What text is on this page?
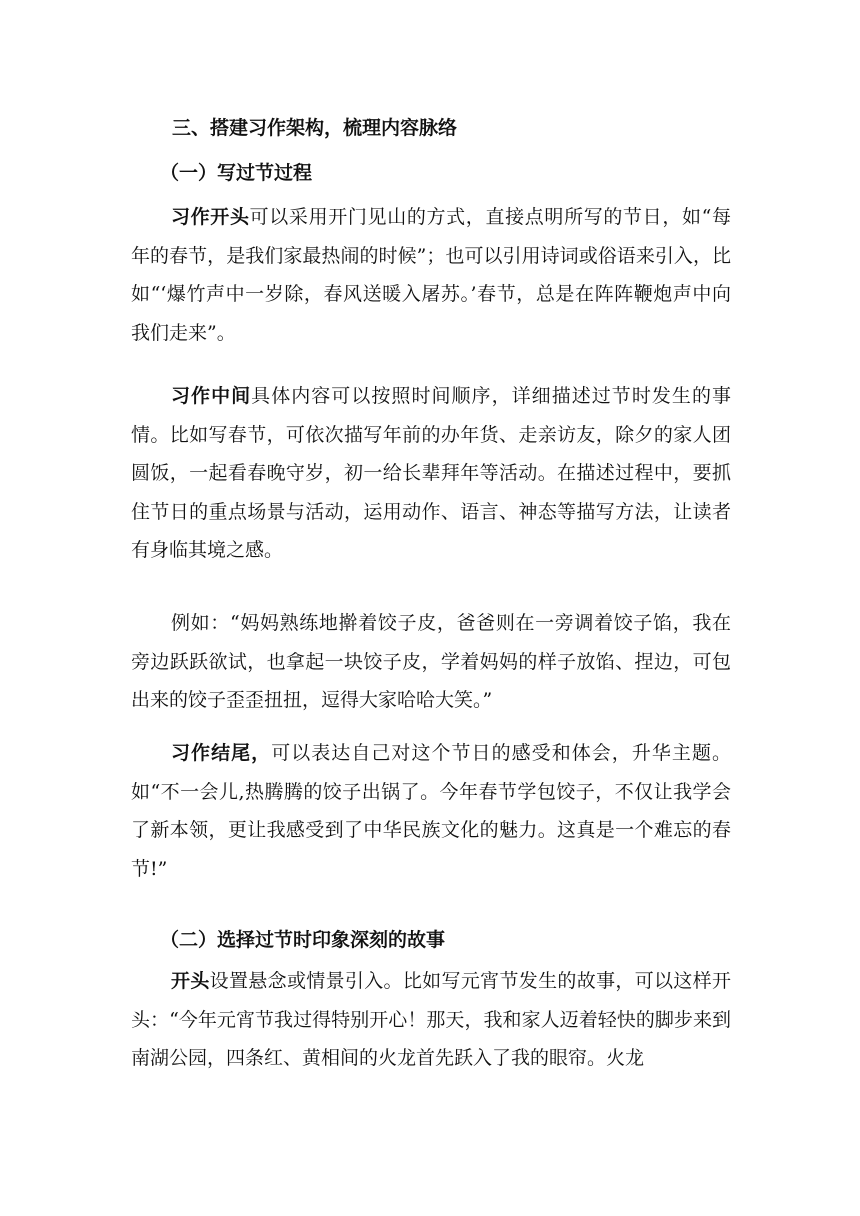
三、搭建习作架构，梳理内容脉络
（一）写过节过程

习作开头可以采用开门见山的方式，直接点明所写的节日，如“每年的春节，是我们家最热闹的时候”；也可以引用诗词或俗语来引入，比如“‘爆竹声中一岁除，春风送暖入屠苏。’春节，总是在阵阵鞭炮声中向我们走来”。

习作中间具体内容可以按照时间顺序，详细描述过节时发生的事情。比如写春节，可依次描写年前的办年货、走亲访友，除夕的家人团圆饭，一起看春晚守岁，初一给长辈拜年等活动。在描述过程中，要抓住节日的重点场景与活动，运用动作、语言、神态等描写方法，让读者有身临其境之感。

例如：“妈妈熟练地擀着饺子皮，爸爸则在一旁调着饺子馅，我在旁边跃跃欲试，也拿起一块饺子皮，学着妈妈的样子放馅、捏边，可包出来的饺子歪歪扭扭，逗得大家哈哈大笑。”

习作结尾，可以表达自己对这个节日的感受和体会，升华主题。如“不一会儿,热腾腾的饺子出锅了。今年春节学包饺子，不仅让我学会了新本领，更让我感受到了中华民族文化的魅力。这真是一个难忘的春节!”

（二）选择过节时印象深刻的故事

开头设置悬念或情景引入。比如写元宵节发生的故事，可以这样开头：“今年元宵节我过得特别开心！那天，我和家人迈着轻快的脚步来到南湖公园，四条红、黄相间的火龙首先跃入了我的眼帘。火龙
